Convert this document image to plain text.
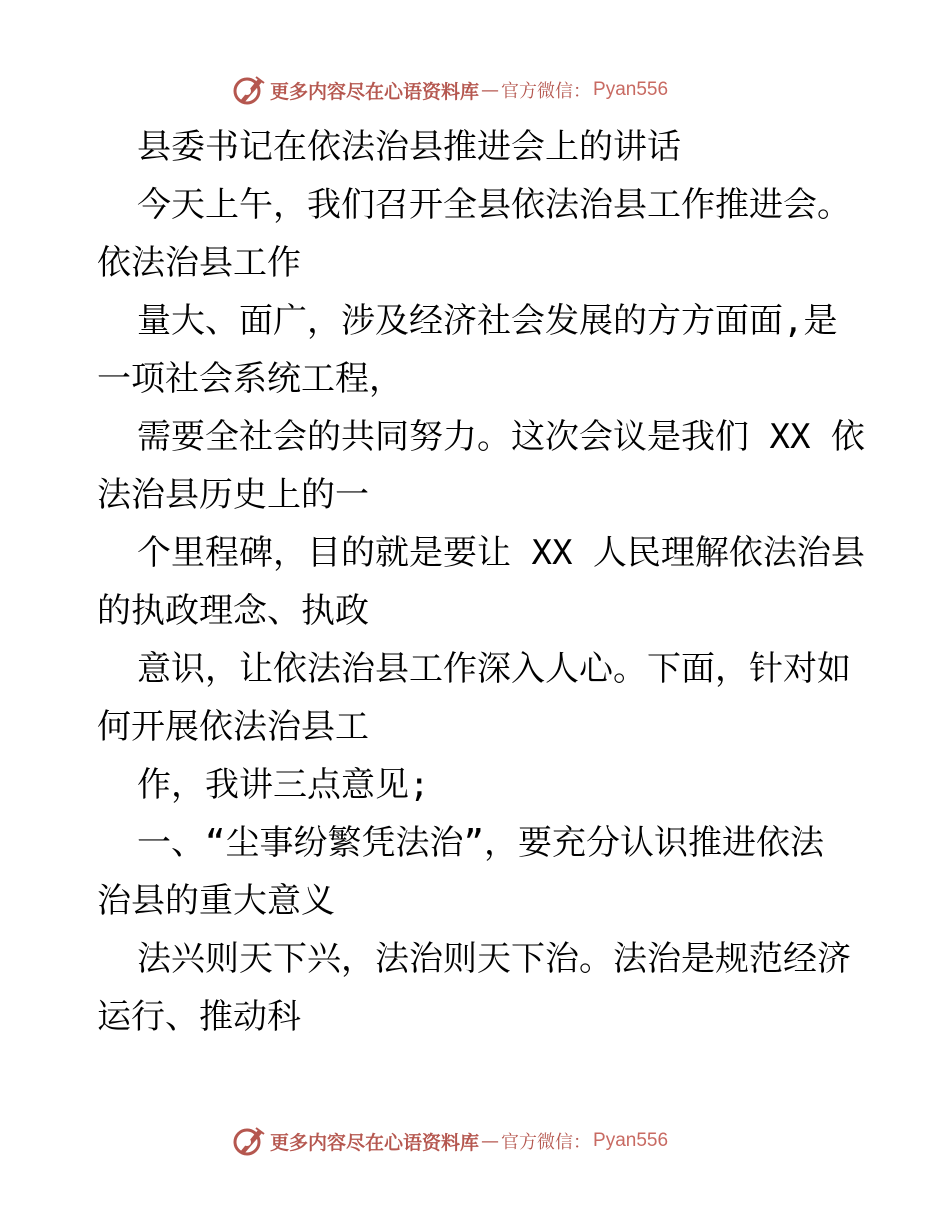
更多内容尽在心语资料库 — 官方微信： Pyan556
县委书记在依法治县推进会上的讲话
今天上午，我们召开全县依法治县工作推进会。
依法治县工作
量大、面广，涉及经济社会发展的方方面面,是
一项社会系统工程，
需要全社会的共同努力。这次会议是我们 XX 依
法治县历史上的一
个里程碑，目的就是要让 XX 人民理解依法治县
的执政理念、执政
意识，让依法治县工作深入人心。下面，针对如
何开展依法治县工
作，我讲三点意见;
一、“尘事纷繁凭法治”，要充分认识推进依法
治县的重大意义
法兴则天下兴，法治则天下治。法治是规范经济
运行、推动科
更多内容尽在心语资料库 — 官方微信： Pyan556
